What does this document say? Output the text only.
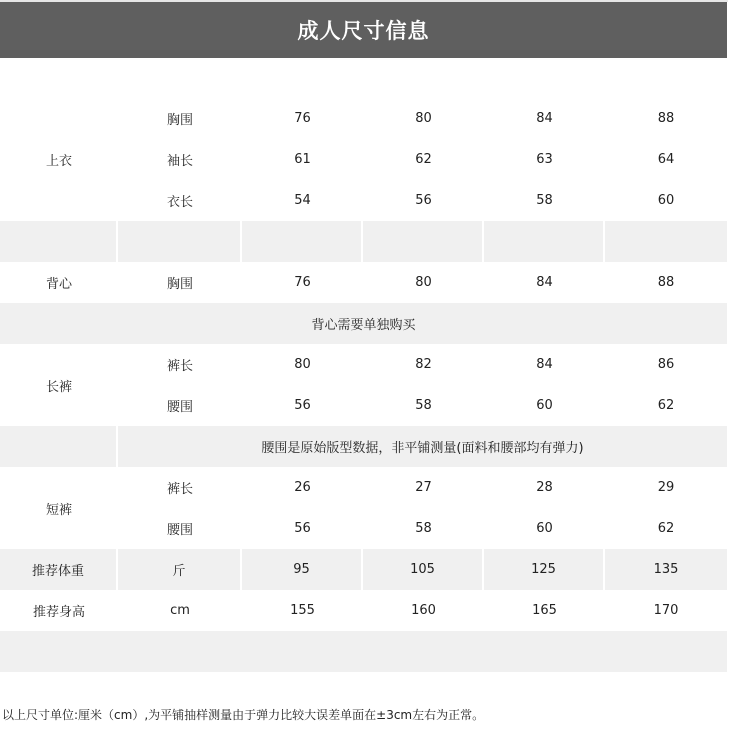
成人尺寸信息
上衣
胸围	76	80	84	88
袖长	61	62	63	64
衣长	54	56	58	60
背心	胸围	76	80	84	88
背心需要单独购买
长裤
裤长	80	82	84	86
腰围	56	58	60	62
腰围是原始版型数据，非平铺测量(面料和腰部均有弹力)
短裤
裤长	26	27	28	29
腰围	56	58	60	62
推荐体重	斤	95	105	125	135
推荐身高	cm	155	160	165	170
以上尺寸单位:厘米（cm）,为平铺抽样测量由于弹力比较大误差单面在±3cm左右为正常。
